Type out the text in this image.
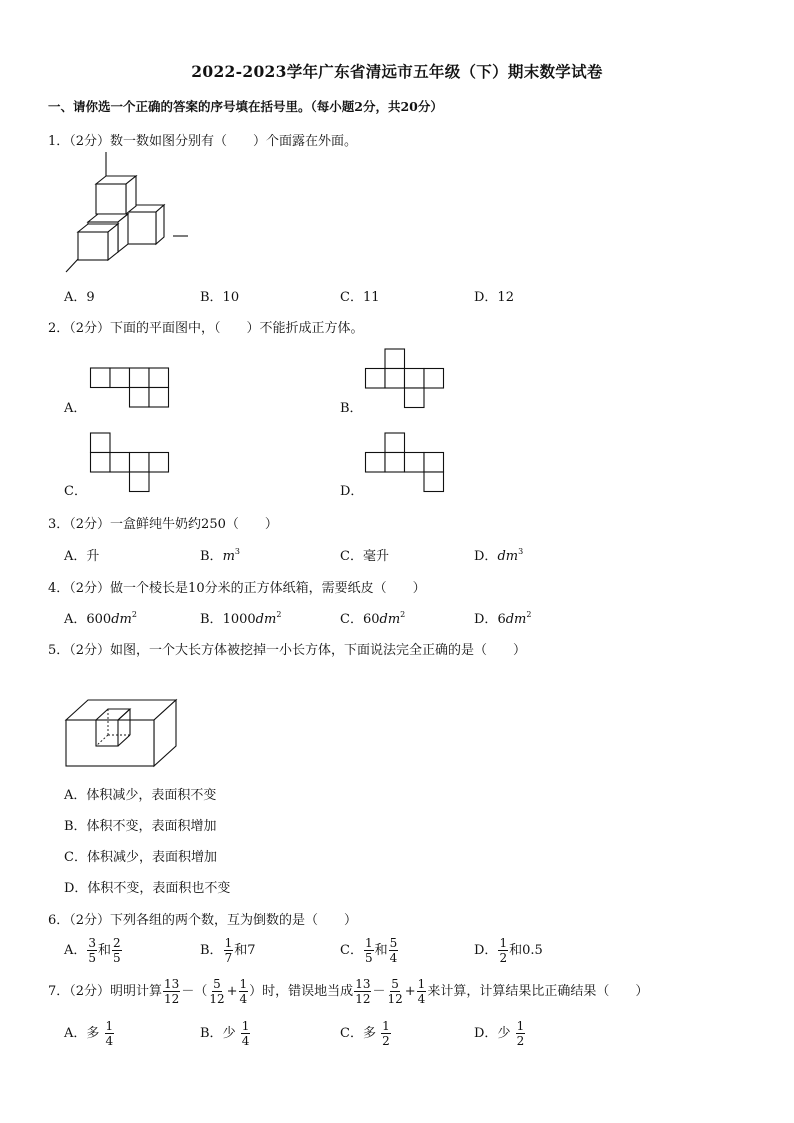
2022-2023学年广东省清远市五年级（下）期末数学试卷
一、请你选一个正确的答案的序号填在括号里。（每小题2分，共20分）
1．（2分）数一数如图分别有（　　）个面露在外面。
A．9	B．10	C．11	D．12
2．（2分）下面的平面图中，（　　）不能折成正方体。
A．	B．
C．	D．
3．（2分）一盒鲜纯牛奶约250（　　）
A．升	B．$m^3$	C．毫升	D．$dm^3$
4．（2分）做一个棱长是10分米的正方体纸箱，需要纸皮（　　）
A．$600dm^2$	B．$1000dm^2$	C．$60dm^2$	D．$6dm^2$
5．（2分）如图，一个大长方体被挖掉一小长方体，下面说法完全正确的是（　　）
A．体积减少，表面积不变
B．体积不变，表面积增加
C．体积减少，表面积增加
D．体积不变，表面积也不变
6．（2分）下列各组的两个数，互为倒数的是（　　）
A． $\frac{3}{5}$ 和 $\frac{2}{5}$	B． $\frac{1}{7}$ 和7	C． $\frac{1}{5}$ 和 $\frac{5}{4}$	D． $\frac{1}{2}$ 和0.5
7．（2分）明明计算 $\frac{13}{12}$ －（ $\frac{5}{12} + \frac{1}{4}$ ）时，错误地当成 $\frac{13}{12} - \frac{5}{12} + \frac{1}{4}$ 来计算，计算结果比正确结果（　　）
A．多 $\frac{1}{4}$	B．少 $\frac{1}{4}$	C．多 $\frac{1}{2}$	D．少 $\frac{1}{2}$
